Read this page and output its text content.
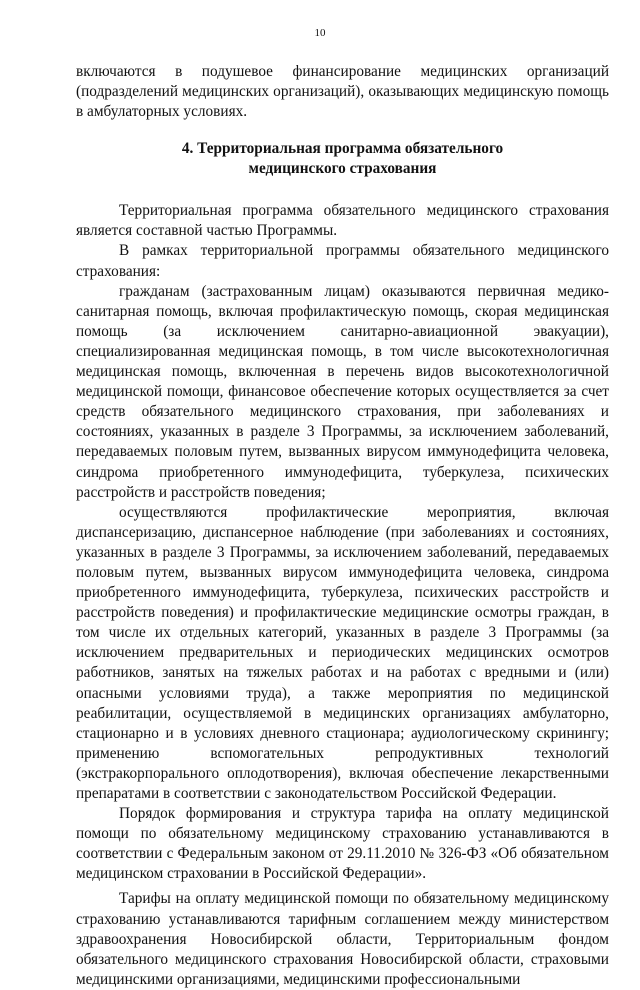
10

включаются в подушевое финансирование медицинских организаций (подразделений медицинских организаций), оказывающих медицинскую помощь в амбулаторных условиях.

4. Территориальная программа обязательного
медицинского страхования

Территориальная программа обязательного медицинского страхования является составной частью Программы.

В рамках территориальной программы обязательного медицинского страхования:

гражданам (застрахованным лицам) оказываются первичная медико-санитарная помощь, включая профилактическую помощь, скорая медицинская помощь (за исключением санитарно-авиационной эвакуации), специализированная медицинская помощь, в том числе высокотехнологичная медицинская помощь, включенная в перечень видов высокотехнологичной медицинской помощи, финансовое обеспечение которых осуществляется за счет средств обязательного медицинского страхования, при заболеваниях и состояниях, указанных в разделе 3 Программы, за исключением заболеваний, передаваемых половым путем, вызванных вирусом иммунодефицита человека, синдрома приобретенного иммунодефицита, туберкулеза, психических расстройств и расстройств поведения;

осуществляются профилактические мероприятия, включая диспансеризацию, диспансерное наблюдение (при заболеваниях и состояниях, указанных в разделе 3 Программы, за исключением заболеваний, передаваемых половым путем, вызванных вирусом иммунодефицита человека, синдрома приобретенного иммунодефицита, туберкулеза, психических расстройств и расстройств поведения) и профилактические медицинские осмотры граждан, в том числе их отдельных категорий, указанных в разделе 3 Программы (за исключением предварительных и периодических медицинских осмотров работников, занятых на тяжелых работах и на работах с вредными и (или) опасными условиями труда), а также мероприятия по медицинской реабилитации, осуществляемой в медицинских организациях амбулаторно, стационарно и в условиях дневного стационара; аудиологическому скринингу; применению вспомогательных репродуктивных технологий (экстракорпорального оплодотворения), включая обеспечение лекарственными препаратами в соответствии с законодательством Российской Федерации.

Порядок формирования и структура тарифа на оплату медицинской помощи по обязательному медицинскому страхованию устанавливаются в соответствии с Федеральным законом от 29.11.2010 № 326-ФЗ «Об обязательном медицинском страховании в Российской Федерации».

Тарифы на оплату медицинской помощи по обязательному медицинскому страхованию устанавливаются тарифным соглашением между министерством здравоохранения Новосибирской области, Территориальным фондом обязательного медицинского страхования Новосибирской области, страховыми медицинскими организациями, медицинскими профессиональными
